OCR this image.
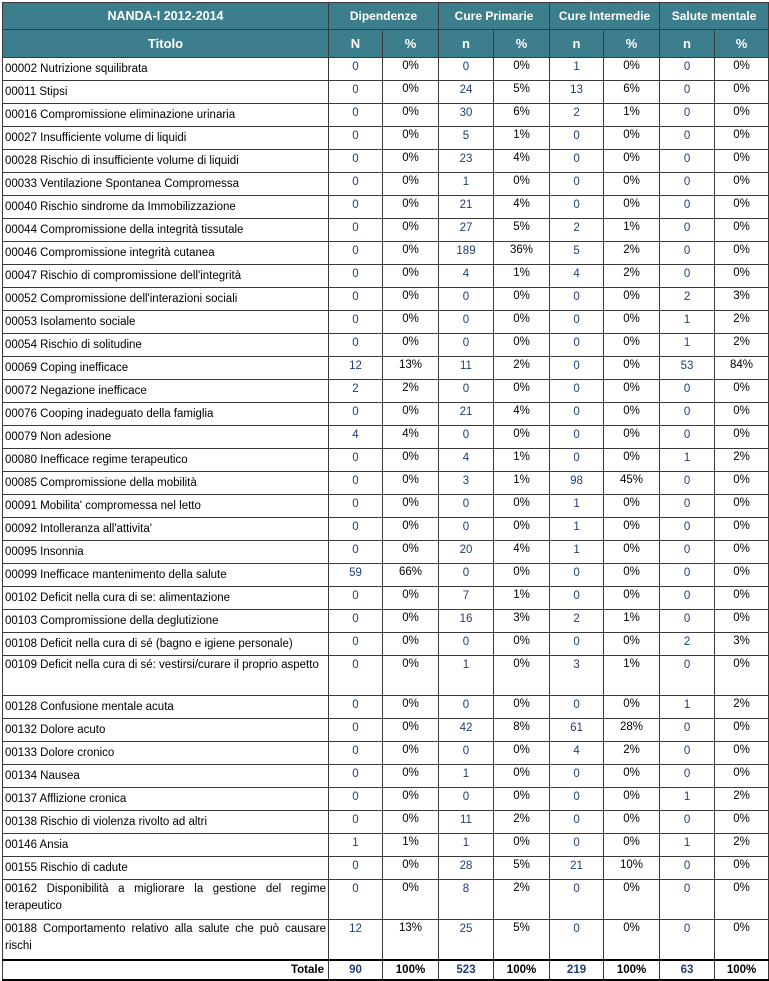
NANDA-I 2012-2014	Dipendenze		Cure Primarie		Cure Intermedie		Salute mentale	
Titolo	N	%	n	%	n	%	n	%
00002 Nutrizione squilibrata	0	0%	0	0%	1	0%	0	0%
00011 Stipsi	0	0%	24	5%	13	6%	0	0%
00016 Compromissione eliminazione urinaria	0	0%	30	6%	2	1%	0	0%
00027 Insufficiente volume di liquidi	0	0%	5	1%	0	0%	0	0%
00028 Rischio di insufficiente volume di liquidi	0	0%	23	4%	0	0%	0	0%
00033 Ventilazione Spontanea Compromessa	0	0%	1	0%	0	0%	0	0%
00040 Rischio sindrome da Immobilizzazione	0	0%	21	4%	0	0%	0	0%
00044 Compromissione della integrità tissutale	0	0%	27	5%	2	1%	0	0%
00046 Compromissione integrità cutanea	0	0%	189	36%	5	2%	0	0%
00047 Rischio di compromissione dell'integrità	0	0%	4	1%	4	2%	0	0%
00052 Compromissione dell'interazioni sociali	0	0%	0	0%	0	0%	2	3%
00053 Isolamento sociale	0	0%	0	0%	0	0%	1	2%
00054 Rischio di solitudine	0	0%	0	0%	0	0%	1	2%
00069 Coping inefficace	12	13%	11	2%	0	0%	53	84%
00072 Negazione inefficace	2	2%	0	0%	0	0%	0	0%
00076 Cooping inadeguato della famiglia	0	0%	21	4%	0	0%	0	0%
00079 Non adesione	4	4%	0	0%	0	0%	0	0%
00080 Inefficace regime terapeutico	0	0%	4	1%	0	0%	1	2%
00085 Compromissione della mobilità	0	0%	3	1%	98	45%	0	0%
00091 Mobilita' compromessa nel letto	0	0%	0	0%	1	0%	0	0%
00092 Intolleranza all'attivita'	0	0%	0	0%	1	0%	0	0%
00095 Insonnia	0	0%	20	4%	1	0%	0	0%
00099 Inefficace mantenimento della salute	59	66%	0	0%	0	0%	0	0%
00102 Deficit nella cura di se: alimentazione	0	0%	7	1%	0	0%	0	0%
00103 Compromissione della deglutizione	0	0%	16	3%	2	1%	0	0%
00108 Deficit nella cura di sé (bagno e igiene personale)	0	0%	0	0%	0	0%	2	3%
00109 Deficit nella cura di sé: vestirsi/curare il proprio aspetto	0	0%	1	0%	3	1%	0	0%
00128 Confusione mentale acuta	0	0%	0	0%	0	0%	1	2%
00132 Dolore acuto	0	0%	42	8%	61	28%	0	0%
00133 Dolore cronico	0	0%	0	0%	4	2%	0	0%
00134 Nausea	0	0%	1	0%	0	0%	0	0%
00137 Afflizione cronica	0	0%	0	0%	0	0%	1	2%
00138 Rischio di violenza rivolto ad altri	0	0%	11	2%	0	0%	0	0%
00146 Ansia	1	1%	1	0%	0	0%	1	2%
00155 Rischio di cadute	0	0%	28	5%	21	10%	0	0%
00162 Disponibilità a migliorare la gestione del regime terapeutico	0	0%	8	2%	0	0%	0	0%
00188 Comportamento relativo alla salute che può causare rischi	12	13%	25	5%	0	0%	0	0%
Totale	90	100%	523	100%	219	100%	63	100%
